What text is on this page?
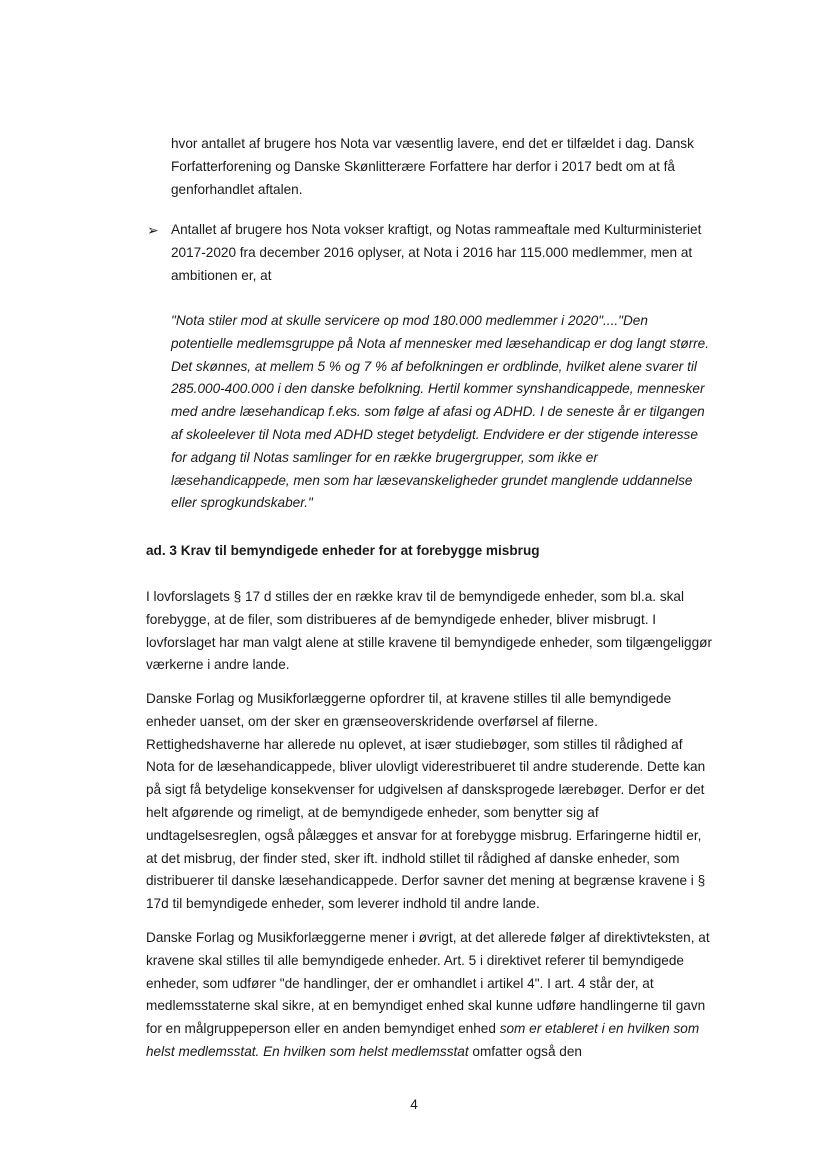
hvor antallet af brugere hos Nota var væsentlig lavere, end det er tilfældet i dag. Dansk Forfatterforening og Danske Skønlitterære Forfattere har derfor i 2017 bedt om at få genforhandlet aftalen.

➢ Antallet af brugere hos Nota vokser kraftigt, og Notas rammeaftale med Kulturministeriet 2017-2020 fra december 2016 oplyser, at Nota i 2016 har 115.000 medlemmer, men at ambitionen er, at

"Nota stiler mod at skulle servicere op mod 180.000 medlemmer i 2020"...."Den potentielle medlemsgruppe på Nota af mennesker med læsehandicap er dog langt større. Det skønnes, at mellem 5 % og 7 % af befolkningen er ordblinde, hvilket alene svarer til 285.000-400.000 i den danske befolkning. Hertil kommer synshandicappede, mennesker med andre læsehandicap f.eks. som følge af afasi og ADHD. I de seneste år er tilgangen af skoleelever til Nota med ADHD steget betydeligt. Endvidere er der stigende interesse for adgang til Notas samlinger for en række brugergrupper, som ikke er læsehandicappede, men som har læsevanskeligheder grundet manglende uddannelse eller sprogkundskaber."

ad. 3 Krav til bemyndigede enheder for at forebygge misbrug

I lovforslagets § 17 d stilles der en række krav til de bemyndigede enheder, som bl.a. skal forebygge, at de filer, som distribueres af de bemyndigede enheder, bliver misbrugt. I lovforslaget har man valgt alene at stille kravene til bemyndigede enheder, som tilgængeliggør værkerne i andre lande.

Danske Forlag og Musikforlæggerne opfordrer til, at kravene stilles til alle bemyndigede enheder uanset, om der sker en grænseoverskridende overførsel af filerne. Rettighedshaverne har allerede nu oplevet, at især studiebøger, som stilles til rådighed af Nota for de læsehandicappede, bliver ulovligt viderestribueret til andre studerende. Dette kan på sigt få betydelige konsekvenser for udgivelsen af dansksprogede lærebøger. Derfor er det helt afgørende og rimeligt, at de bemyndigede enheder, som benytter sig af undtagelsesreglen, også pålægges et ansvar for at forebygge misbrug. Erfaringerne hidtil er, at det misbrug, der finder sted, sker ift. indhold stillet til rådighed af danske enheder, som distribuerer til danske læsehandicappede. Derfor savner det mening at begrænse kravene i § 17d til bemyndigede enheder, som leverer indhold til andre lande.

Danske Forlag og Musikforlæggerne mener i øvrigt, at det allerede følger af direktivteksten, at kravene skal stilles til alle bemyndigede enheder. Art. 5 i direktivet referer til bemyndigede enheder, som udfører "de handlinger, der er omhandlet i artikel 4". I art. 4 står der, at medlemsstaterne skal sikre, at en bemyndiget enhed skal kunne udføre handlingerne til gavn for en målgruppeperson eller en anden bemyndiget enhed som er etableret i en hvilken som helst medlemsstat. En hvilken som helst medlemsstat omfatter også den

4
